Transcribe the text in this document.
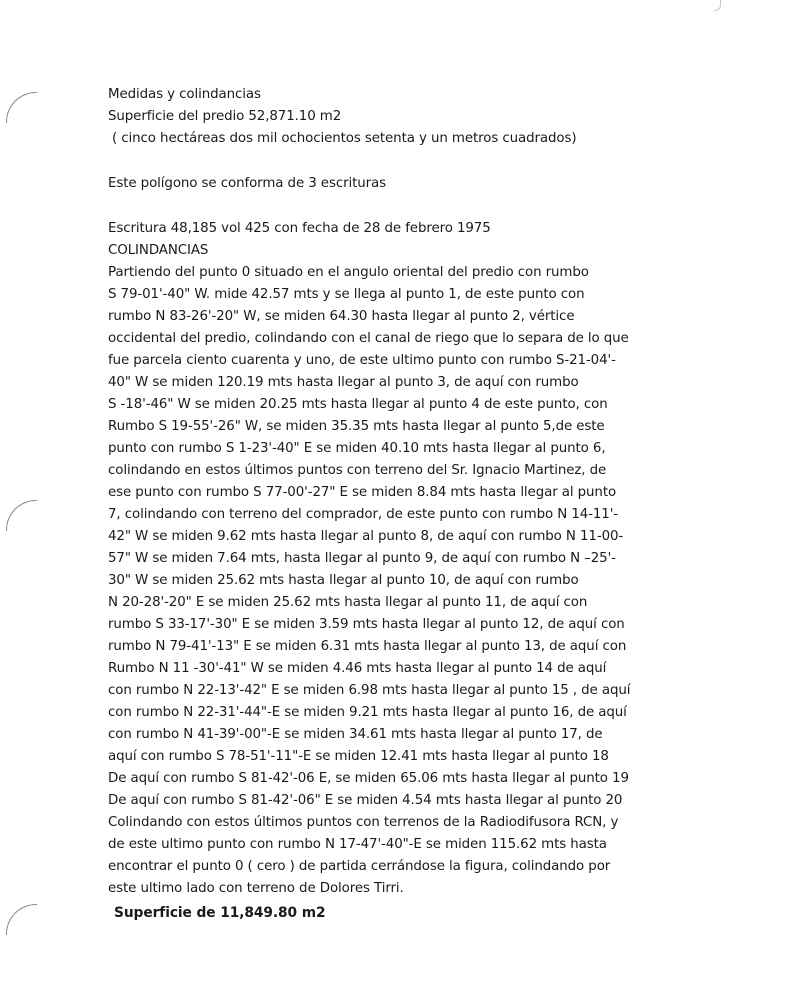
Medidas y colindancias
Superficie del predio 52,871.10 m2
( cinco hectáreas dos mil ochocientos setenta y un metros cuadrados)
Este polígono se conforma de 3 escrituras
Escritura 48,185 vol 425 con fecha de 28 de febrero 1975
COLINDANCIAS
Partiendo del punto 0 situado en el angulo oriental del predio con rumbo
S 79-01'-40" W. mide 42.57 mts y se llega al punto 1, de este punto con
rumbo N 83-26'-20" W, se miden 64.30 hasta llegar al punto 2, vértice
occidental del predio, colindando con el canal de riego que lo separa de lo que
fue parcela ciento cuarenta y uno, de este ultimo punto con rumbo S-21-04'-
40" W se miden 120.19 mts hasta llegar al punto 3, de aquí con rumbo
S -18'-46" W se miden 20.25 mts hasta llegar al punto 4 de este punto, con
Rumbo S 19-55'-26" W, se miden 35.35 mts hasta llegar al punto 5,de este
punto con rumbo S 1-23'-40" E se miden 40.10 mts hasta llegar al punto 6,
colindando en estos últimos puntos con terreno del Sr. Ignacio Martinez, de
ese punto con rumbo S 77-00'-27" E se miden 8.84 mts hasta llegar al punto
7, colindando con terreno del comprador, de este punto con rumbo N 14-11'-
42" W se miden 9.62 mts hasta llegar al punto 8, de aquí con rumbo N 11-00-
57" W se miden 7.64 mts, hasta llegar al punto 9, de aquí con rumbo N –25'-
30" W se miden 25.62 mts hasta llegar al punto 10, de aquí con rumbo
N 20-28'-20" E se miden 25.62 mts hasta llegar al punto 11, de aquí con
rumbo S 33-17'-30" E se miden 3.59 mts hasta llegar al punto 12, de aquí con
rumbo N 79-41'-13" E se miden 6.31 mts hasta llegar al punto 13, de aquí con
Rumbo N 11 -30'-41" W se miden 4.46 mts hasta llegar al punto 14 de aquí
con rumbo N 22-13'-42" E se miden 6.98 mts hasta llegar al punto 15 , de aquí
con rumbo N 22-31'-44"-E se miden 9.21 mts hasta llegar al punto 16, de aquí
con rumbo N 41-39'-00"-E se miden 34.61 mts hasta llegar al punto 17, de
aquí con rumbo S 78-51'-11"-E se miden 12.41 mts hasta llegar al punto 18
De aquí con rumbo S 81-42'-06 E, se miden 65.06 mts hasta llegar al punto 19
De aquí con rumbo S 81-42'-06" E se miden 4.54 mts hasta llegar al punto 20
Colindando con estos últimos puntos con terrenos de la Radiodifusora RCN, y
de este ultimo punto con rumbo N 17-47'-40"-E se miden 115.62 mts hasta
encontrar el punto 0 ( cero ) de partida cerrándose la figura, colindando por
este ultimo lado con terreno de Dolores Tirri.
Superficie de 11,849.80 m2
